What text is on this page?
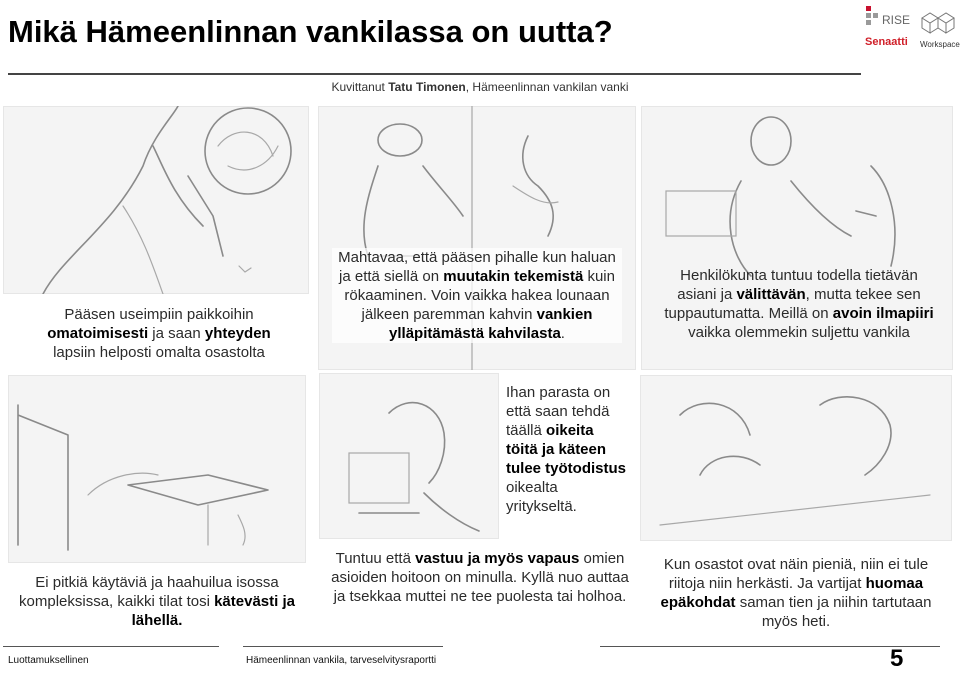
Mikä Hämeenlinnan vankilassa on uutta?	RISE
Senaatti Workspace
Kuvittanut Tatu Timonen, Hämeenlinnan vankilan vanki
Pääsen useimpiin paikkoihin
omatoimisesti ja saan yhteyden
lapsiin helposti omalta osastolta
Mahtavaa, että pääsen pihalle kun haluan ja että siellä on muutakin tekemistä kuin rökaaminen. Voin vaikka hakea lounaan jälkeen paremman kahvin vankien ylläpitämästä kahvilasta.
Henkilökunta tuntuu todella tietävän asiani ja välittävän, mutta tekee sen tuppautumatta. Meillä on avoin ilmapiiri vaikka olemmekin suljettu vankila
Ei pitkiä käytäviä ja haahuilua isossa kompleksissa, kaikki tilat tosi kätevästi ja lähellä.
Ihan parasta on että saan tehdä täällä oikeita töitä ja käteen tulee työtodistus oikealta yritykseltä.
Tuntuu että vastuu ja myös vapaus omien asioiden hoitoon on minulla. Kyllä nuo auttaa ja tsekkaa muttei ne tee puolesta tai holhoa.
Kun osastot ovat näin pieniä, niin ei tule riitoja niin herkästi. Ja vartijat huomaa epäkohdat saman tien ja niihin tartutaan myös heti.
Luottamuksellinen	Hämeenlinnan vankila, tarveselvitysraportti	5
